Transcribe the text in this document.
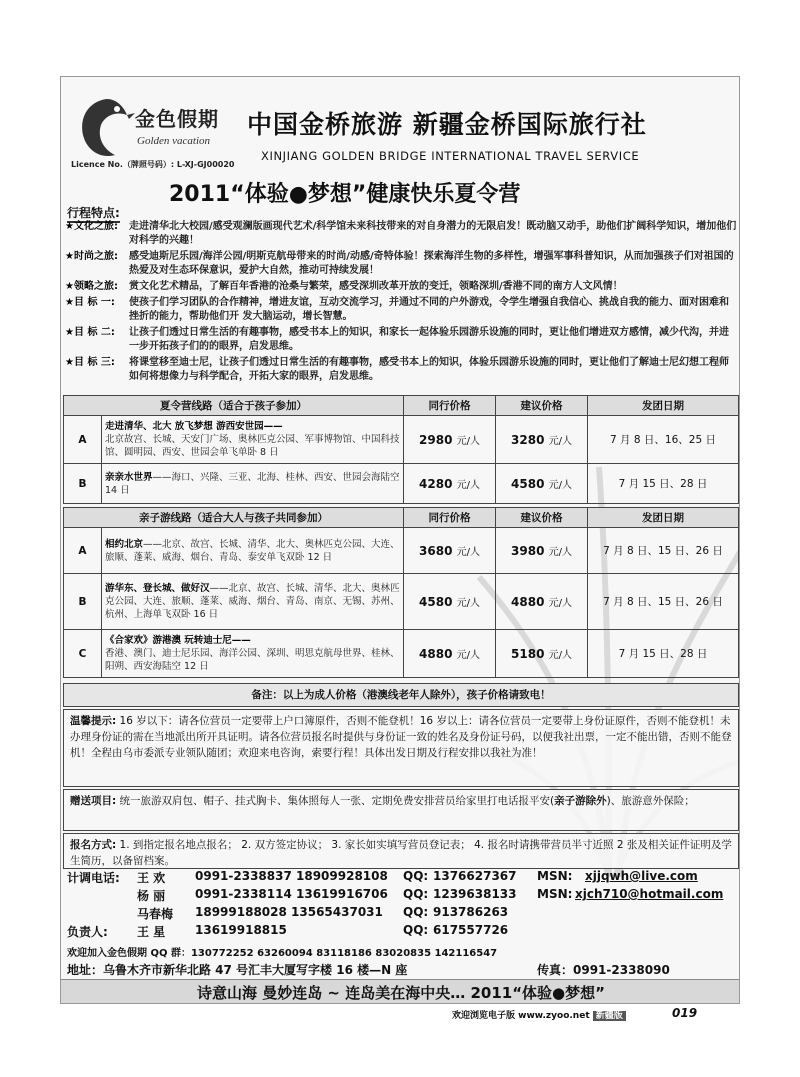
金色假期
Golden vacation
Licence No.（牌照号码）: L-XJ-GJ00020
中国金桥旅游 新疆金桥国际旅行社
XINJIANG GOLDEN BRIDGE INTERNATIONAL TRAVEL SERVICE
2011“体验●梦想”健康快乐夏令营
行程特点:
★文化之旅:	走进清华北大校园/感受观澜版画现代艺术/科学馆未来科技带来的对自身潜力的无限启发！既动脑又动手，助他们扩阔科学知识，增加他们对科学的兴趣！
★时尚之旅:	感受迪斯尼乐园/海洋公园/明斯克航母带来的时尚/动感/奇特体验！探索海洋生物的多样性，增强军事科普知识，从而加强孩子们对祖国的热爱及对生态环保意识，爱护大自然，推动可持续发展！
★领略之旅:	赏文化艺术精品，了解百年香港的沧桑与繁荣，感受深圳改革开放的变迁，领略深圳/香港不同的南方人文风情！
★目 标 一:	使孩子们学习团队的合作精神，增进友谊，互动交流学习，并通过不同的户外游戏，令学生增强自我信心、挑战自我的能力、面对困难和挫折的能力，帮助他们开 发大脑运动，增长智慧。
★目 标 二:	让孩子们透过日常生活的有趣事物，感受书本上的知识，和家长一起体验乐园游乐设施的同时，更让他们增进双方感情，减少代沟，并进一步开拓孩子们的的眼界，启发思维。
★目 标 三:	将课堂移至迪士尼，让孩子们透过日常生活的有趣事物，感受书本上的知识，体验乐园游乐设施的同时，更让他们了解迪士尼幻想工程师如何将想像力与科学配合，开拓大家的眼界，启发思维。
夏令营线路（适合于孩子参加）		同行价格	建议价格	发团日期
A	走进清华、北大 放飞梦想 游西安世园——
北京故宫、长城、天安门广场、奥林匹克公园、军事博物馆、中国科技馆、圆明园、西安、世园会单飞单卧 8 日	2980 元/人	3280 元/人	7 月 8 日、16、25 日
B	亲亲水世界——海口、兴隆、三亚、北海、桂林、西安、世园会海陆空 14 日	4280 元/人	4580 元/人	7 月 15 日、28 日
亲子游线路（适合大人与孩子共同参加）		同行价格	建议价格	发团日期
A	相约北京——北京、故宫、长城、清华、北大、奥林匹克公园、大连、旅顺、蓬莱、威海、烟台、青岛、泰安单飞双卧 12 日	3680 元/人	3980 元/人	7 月 8 日、15 日、26 日
B	游华东、登长城、做好汉——北京、故宫、长城、清华、北大、奥林匹克公园、大连、旅顺、蓬莱、威海、烟台、青岛、南京、无锡、苏州、杭州、上海单飞双卧 16 日	4580 元/人	4880 元/人	7 月 8 日、15 日、26 日
C	《合家欢》游港澳 玩转迪士尼——
香港、澳门、迪士尼乐园、海洋公园、深圳、明思克航母世界、桂林、阳朔、西安海陆空 12 日	4880 元/人	5180 元/人	7 月 15 日、28 日
备注：以上为成人价格（港澳线老年人除外），孩子价格请致电！
温馨提示: 16 岁以下：请各位营员一定要带上户口簿原件，否则不能登机！16 岁以上：请各位营员一定要带上身份证原件，否则不能登机！未办理身份证的需在当地派出所开具证明。请各位营员报名时提供与身份证一致的姓名及身份证号码，以便我社出票，一定不能出错，否则不能登机！全程由乌市委派专业领队随团；欢迎来电咨询，索要行程！具体出发日期及行程安排以我社为准！
赠送项目: 统一旅游双肩包、帽子、挂式胸卡、集体照每人一张、定期免费安排营员给家里打电话报平安(亲子游除外)、旅游意外保险；
报名方式: 1. 到指定报名地点报名； 2. 双方签定协议； 3. 家长如实填写营员登记表； 4. 报名时请携带营员半寸近照 2 张及相关证件证明及学生简历，以备留档案。
计调电话: 王 欢 0991-2338837 18909928108 QQ: 1376627367 MSN: xjjqwh@live.com
杨 丽 0991-2338114 13619916706 QQ: 1239638133 MSN: xjch710@hotmail.com
马春梅 18999188028 13565437031 QQ: 913786263
负责人: 王 星 13619918815	QQ: 617557726
欢迎加入金色假期 QQ 群：130772252 63260094 83118186 83020835 142116547
地址：乌鲁木齐市新华北路 47 号汇丰大厦写字楼 16 楼—N 座	传真：0991-2338090
诗意山海 曼妙连岛 ~ 连岛美在海中央… 2011“体验●梦想”
欢迎浏览电子版 www.zyoo.net 新疆版	019
